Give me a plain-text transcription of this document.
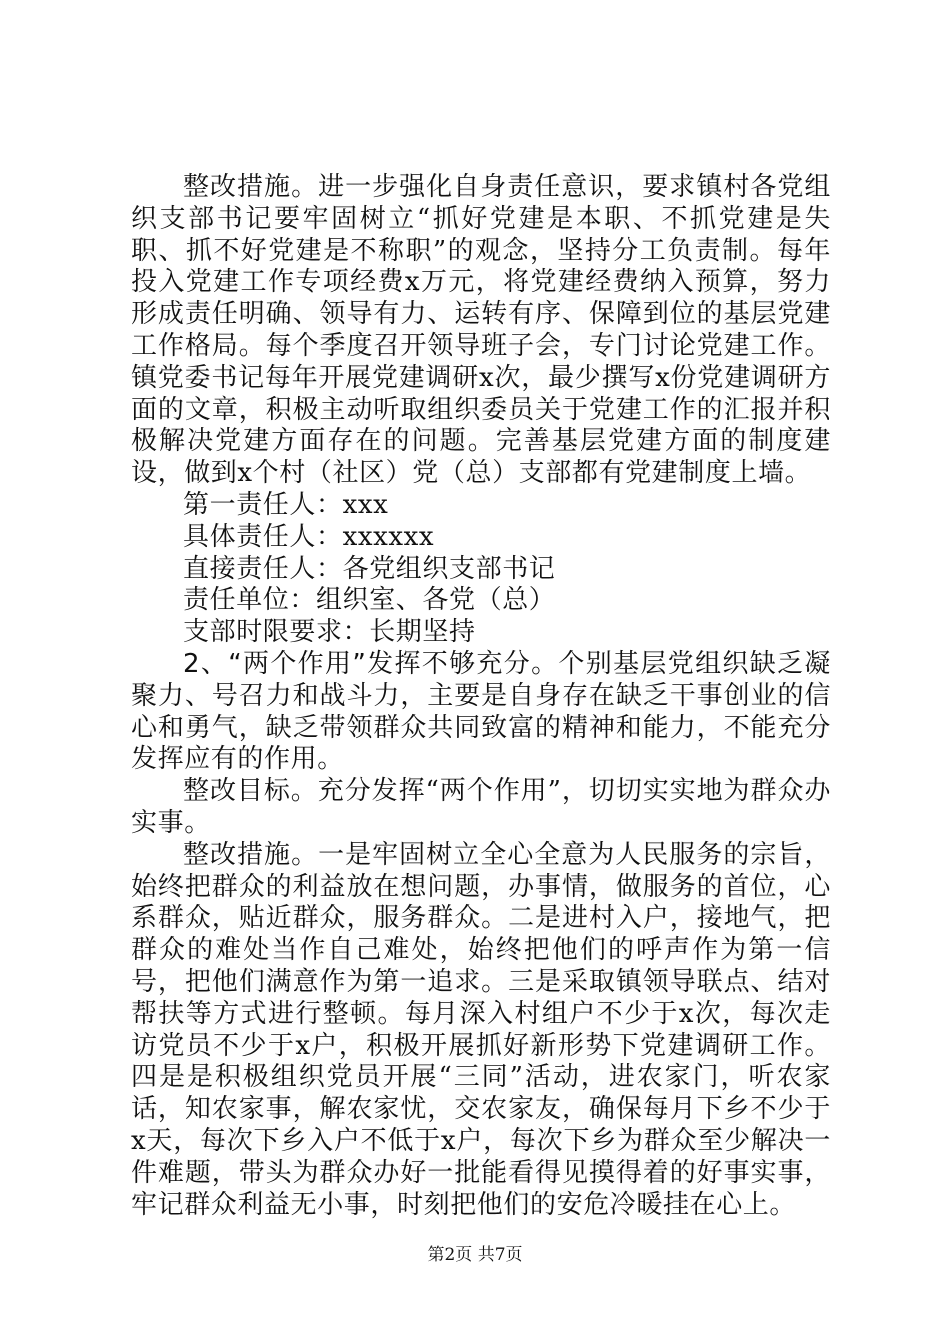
整改措施。进一步强化自身责任意识，要求镇村各党组织支部书记要牢固树立“抓好党建是本职、不抓党建是失职、抓不好党建是不称职”的观念，坚持分工负责制。每年投入党建工作专项经费x万元，将党建经费纳入预算，努力形成责任明确、领导有力、运转有序、保障到位的基层党建工作格局。每个季度召开领导班子会，专门讨论党建工作。镇党委书记每年开展党建调研x次，最少撰写x份党建调研方面的文章，积极主动听取组织委员关于党建工作的汇报并积极解决党建方面存在的问题。完善基层党建方面的制度建设，做到x个村（社区）党（总）支部都有党建制度上墙。

第一责任人：xxx

具体责任人：xxxxxx

直接责任人：各党组织支部书记

责任单位：组织室、各党（总）

支部时限要求：长期坚持

2、“两个作用”发挥不够充分。个别基层党组织缺乏凝聚力、号召力和战斗力，主要是自身存在缺乏干事创业的信心和勇气，缺乏带领群众共同致富的精神和能力，不能充分发挥应有的作用。

整改目标。充分发挥“两个作用”，切切实实地为群众办实事。

整改措施。一是牢固树立全心全意为人民服务的宗旨，始终把群众的利益放在想问题，办事情，做服务的首位，心系群众，贴近群众，服务群众。二是进村入户，接地气，把群众的难处当作自己难处，始终把他们的呼声作为第一信号，把他们满意作为第一追求。三是采取镇领导联点、结对帮扶等方式进行整顿。每月深入村组户不少于x次，每次走访党员不少于x户，积极开展抓好新形势下党建调研工作。四是是积极组织党员开展“三同”活动，进农家门，听农家话，知农家事，解农家忧，交农家友，确保每月下乡不少于x天，每次下乡入户不低于x户，每次下乡为群众至少解决一件难题，带头为群众办好一批能看得见摸得着的好事实事，牢记群众利益无小事，时刻把他们的安危冷暖挂在心上。

第2页 共7页
